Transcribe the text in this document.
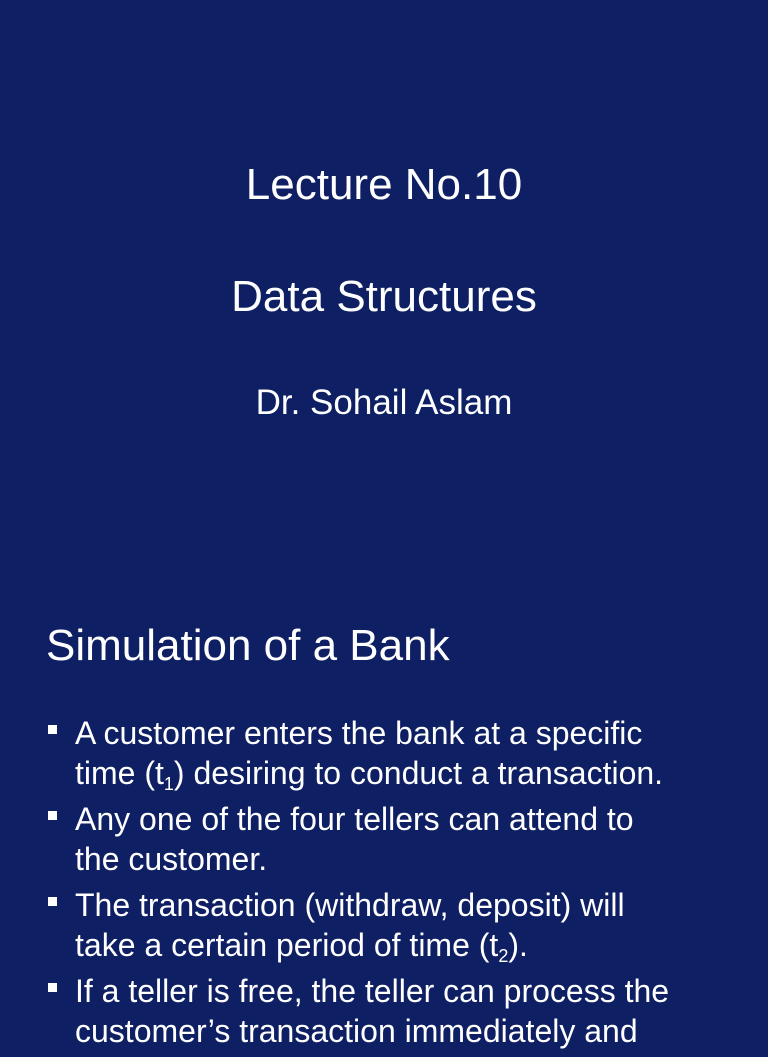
Lecture No.10
Data Structures
Dr. Sohail Aslam
Simulation of a Bank
A customer enters the bank at a specific
time $(t_1)$ desiring to conduct a transaction.
Any one of the four tellers can attend to
the customer.
The transaction (withdraw, deposit) will
take a certain period of time $(t_2)$.
If a teller is free, the teller can process the
customer’s transaction immediately and
